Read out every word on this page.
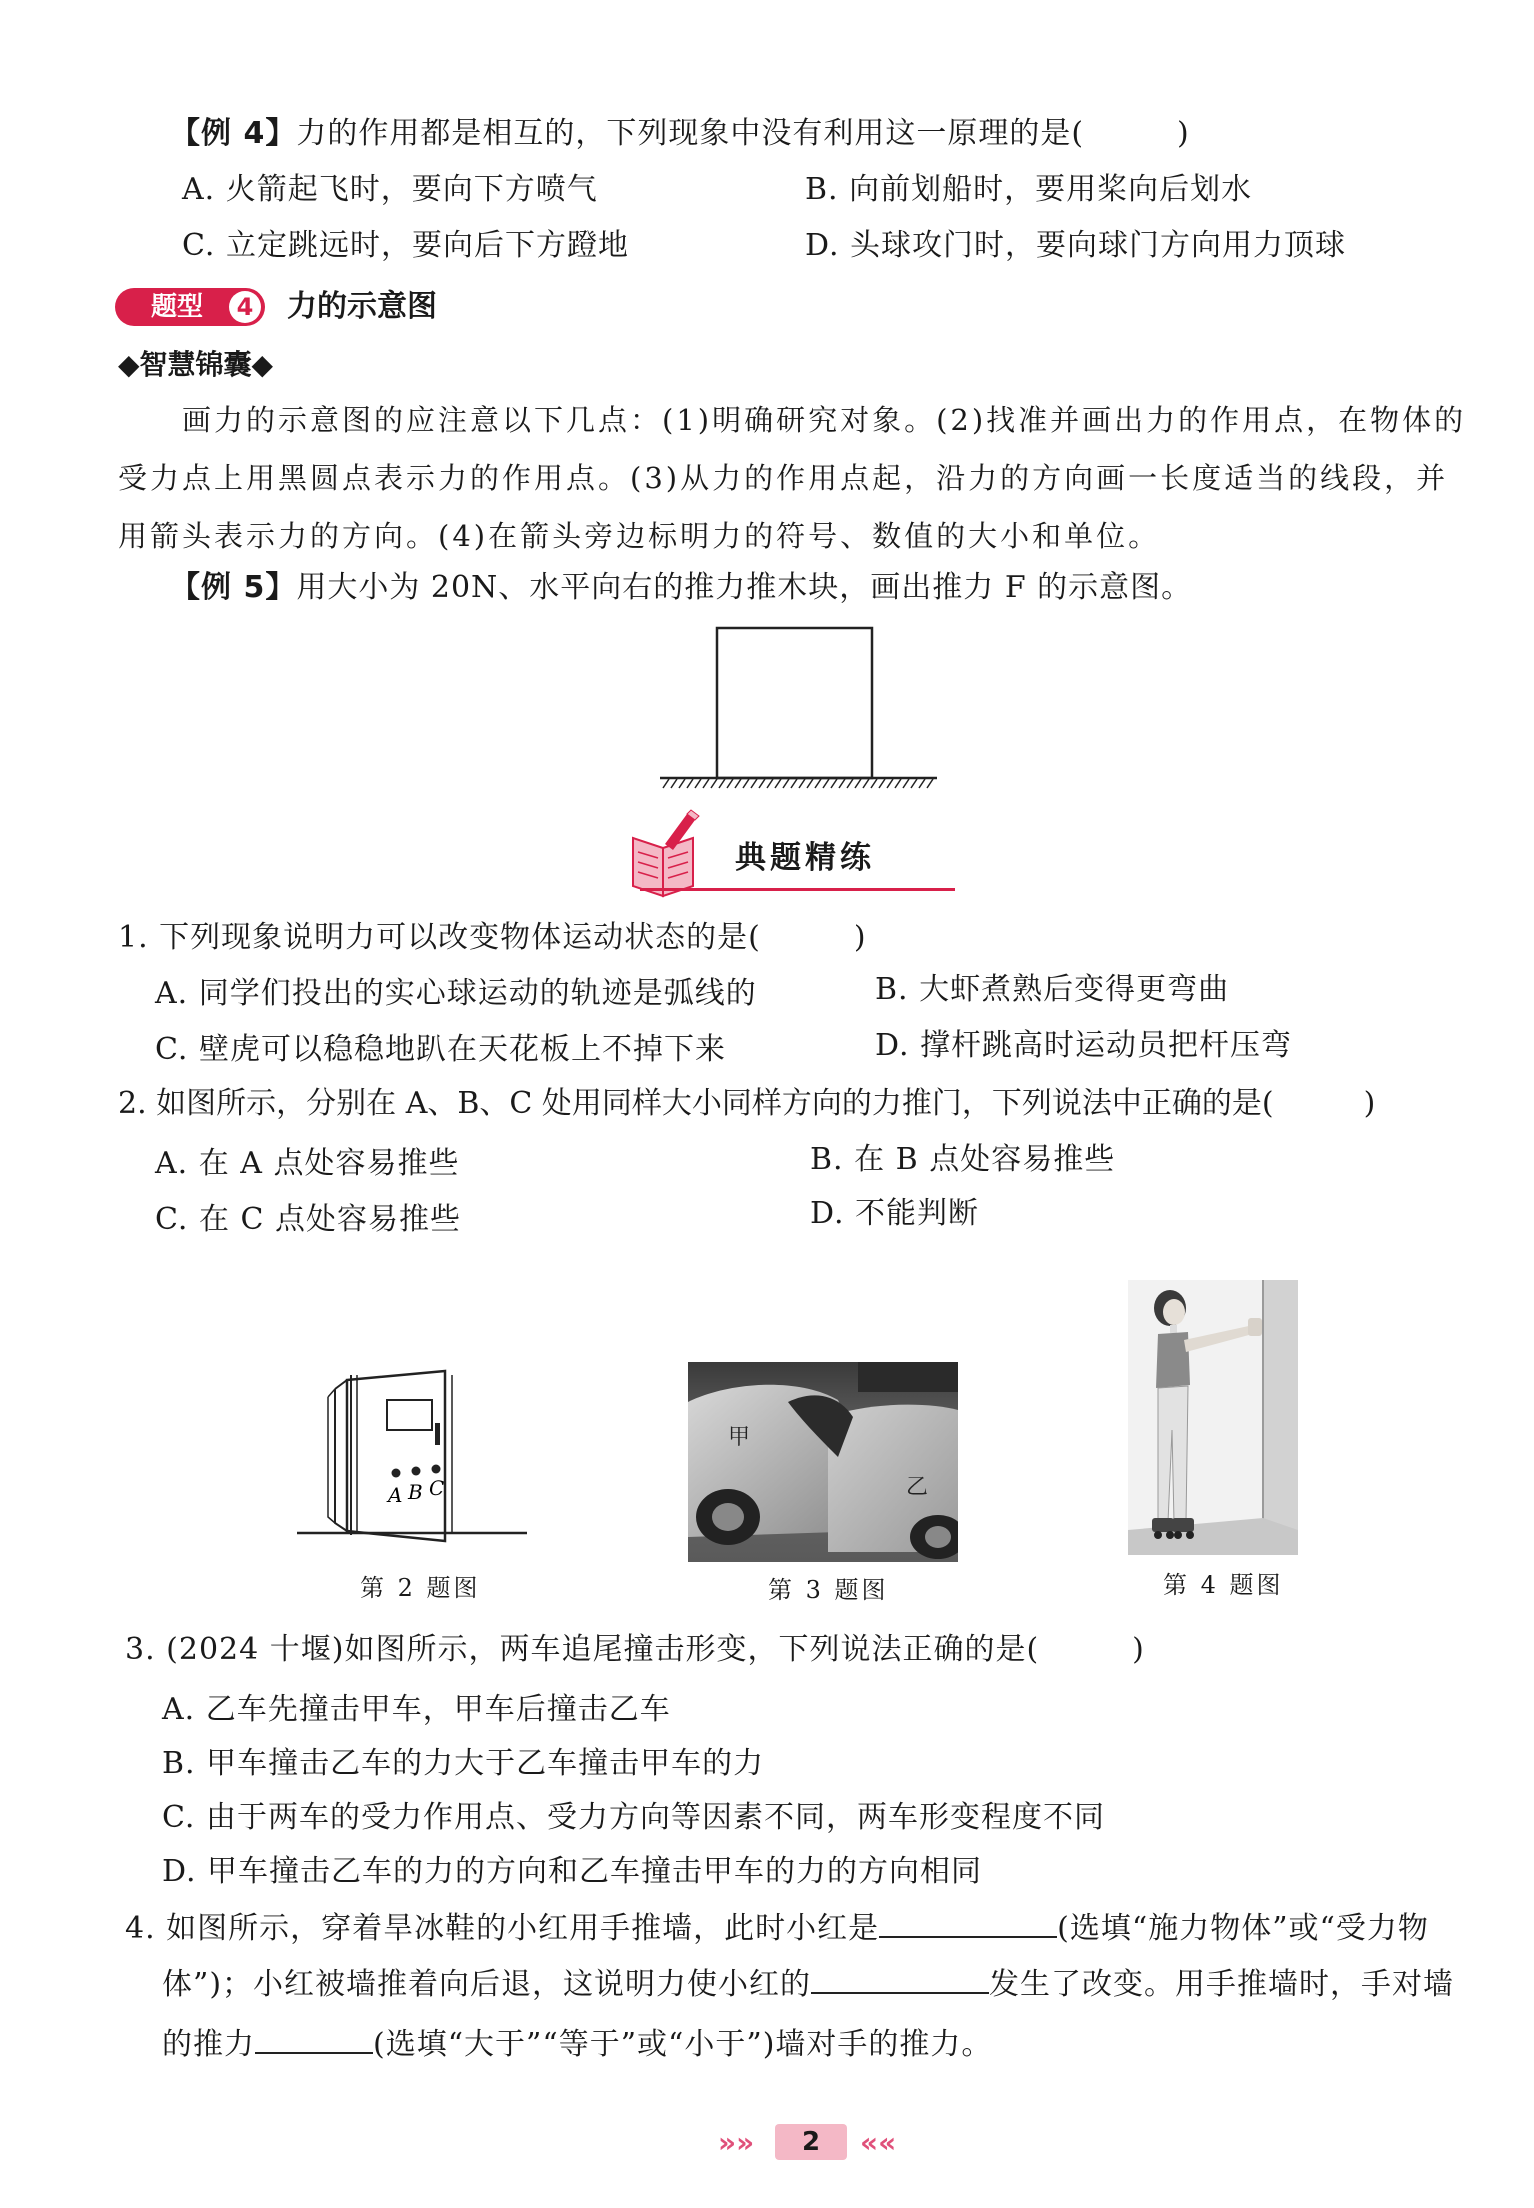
【例 4】力的作用都是相互的，下列现象中没有利用这一原理的是(　　　)
A. 火箭起飞时，要向下方喷气	B. 向前划船时，要用桨向后划水
C. 立定跳远时，要向后下方蹬地	D. 头球攻门时，要向球门方向用力顶球
题型	4 力的示意图
◆智慧锦囊◆
画力的示意图的应注意以下几点：(1)明确研究对象。(2)找准并画出力的作用点，在物体的
受力点上用黑圆点表示力的作用点。(3)从力的作用点起，沿力的方向画一长度适当的线段，并
用箭头表示力的方向。(4)在箭头旁边标明力的符号、数值的大小和单位。
【例 5】用大小为 20N、水平向右的推力推木块，画出推力 F 的示意图。
典题精练
1. 下列现象说明力可以改变物体运动状态的是(　　　)
A. 同学们投出的实心球运动的轨迹是弧线的	B. 大虾煮熟后变得更弯曲
C. 壁虎可以稳稳地趴在天花板上不掉下来	D. 撑杆跳高时运动员把杆压弯
2. 如图所示，分别在 A、B、C 处用同样大小同样方向的力推门，下列说法中正确的是(　　　)
A. 在 A 点处容易推些	B. 在 B 点处容易推些
C. 在 C 点处容易推些	D. 不能判断
A B C
第 2 题图
甲
乙
第 3 题图	第 4 题图
3. (2024 十堰)如图所示，两车追尾撞击形变，下列说法正确的是(　　　)
A. 乙车先撞击甲车，甲车后撞击乙车
B. 甲车撞击乙车的力大于乙车撞击甲车的力
C. 由于两车的受力作用点、受力方向等因素不同，两车形变程度不同
D. 甲车撞击乙车的力的方向和乙车撞击甲车的力的方向相同
4. 如图所示，穿着旱冰鞋的小红用手推墙，此时小红是	(选填“施力物体”或“受力物
体”)；小红被墙推着向后退，这说明力使小红的	发生了改变。用手推墙时，手对墙
的推力	(选填“大于”“等于”或“小于”)墙对手的推力。
»»	2	««
